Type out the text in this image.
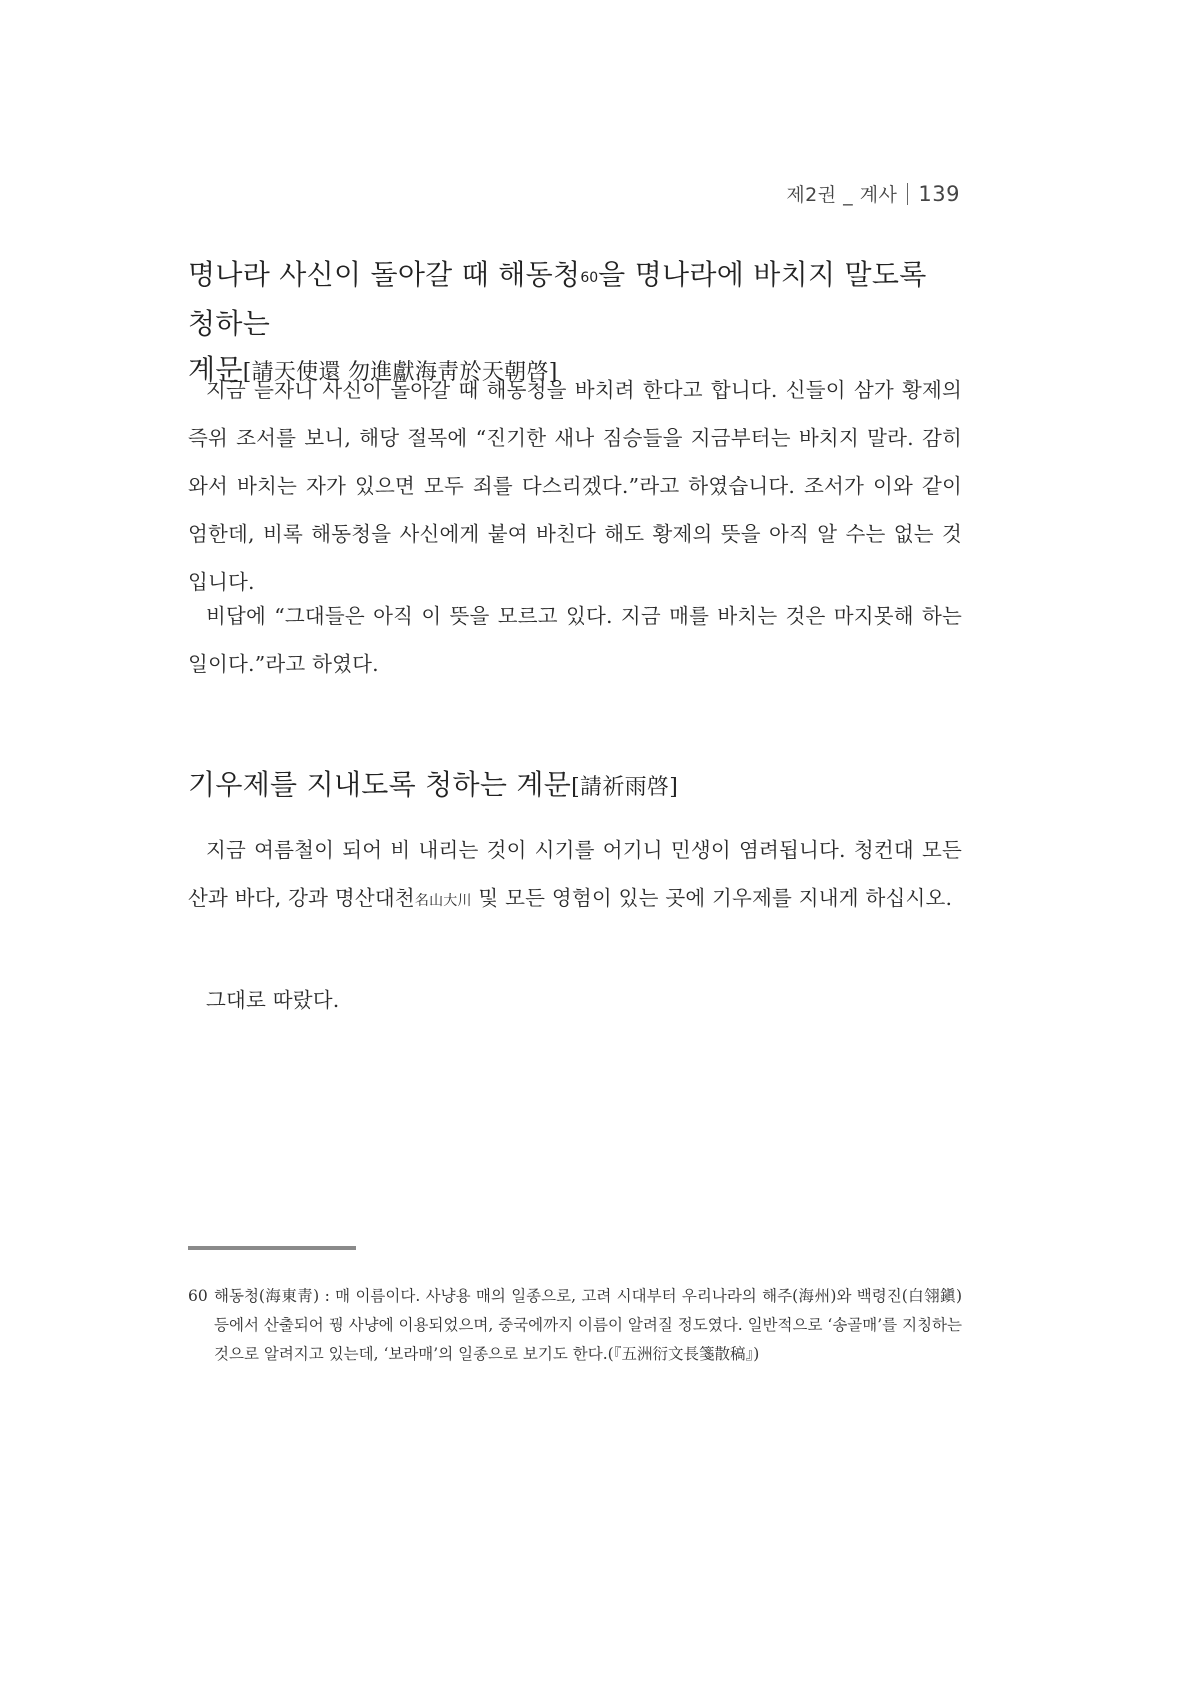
제2권 _ 계사 139
명나라 사신이 돌아갈 때 해동청$^{60}$을 명나라에 바치지 말도록 청하는
계문[請天使還 勿進獻海靑於天朝啓]

지금 듣자니 사신이 돌아갈 때 해동청을 바치려 한다고 합니다. 신들이 삼가 황제의 즉위 조서를 보니, 해당 절목에 “진기한 새나 짐승들을 지금부터는 바치지 말라. 감히 와서 바치는 자가 있으면 모두 죄를 다스리겠다.”라고 하였습니다. 조서가 이와 같이 엄한데, 비록 해동청을 사신에게 붙여 바친다 해도 황제의 뜻을 아직 알 수는 없는 것입니다.

비답에 “그대들은 아직 이 뜻을 모르고 있다. 지금 매를 바치는 것은 마지못해 하는 일이다.”라고 하였다.

기우제를 지내도록 청하는 계문[請祈雨啓]

지금 여름철이 되어 비 내리는 것이 시기를 어기니 민생이 염려됩니다. 청컨대 모든 산과 바다, 강과 명산대천名山大川 및 모든 영험이 있는 곳에 기우제를 지내게 하십시오.

그대로 따랐다.

60 해동청(海東靑) : 매 이름이다. 사냥용 매의 일종으로, 고려 시대부터 우리나라의 해주(海州)와 백령진(白翎鎭) 등에서 산출되어 꿩 사냥에 이용되었으며, 중국에까지 이름이 알려질 정도였다. 일반적으로 ‘송골매’를 지칭하는 것으로 알려지고 있는데, ‘보라매’의 일종으로 보기도 한다.(『五洲衍文長箋散稿』)
